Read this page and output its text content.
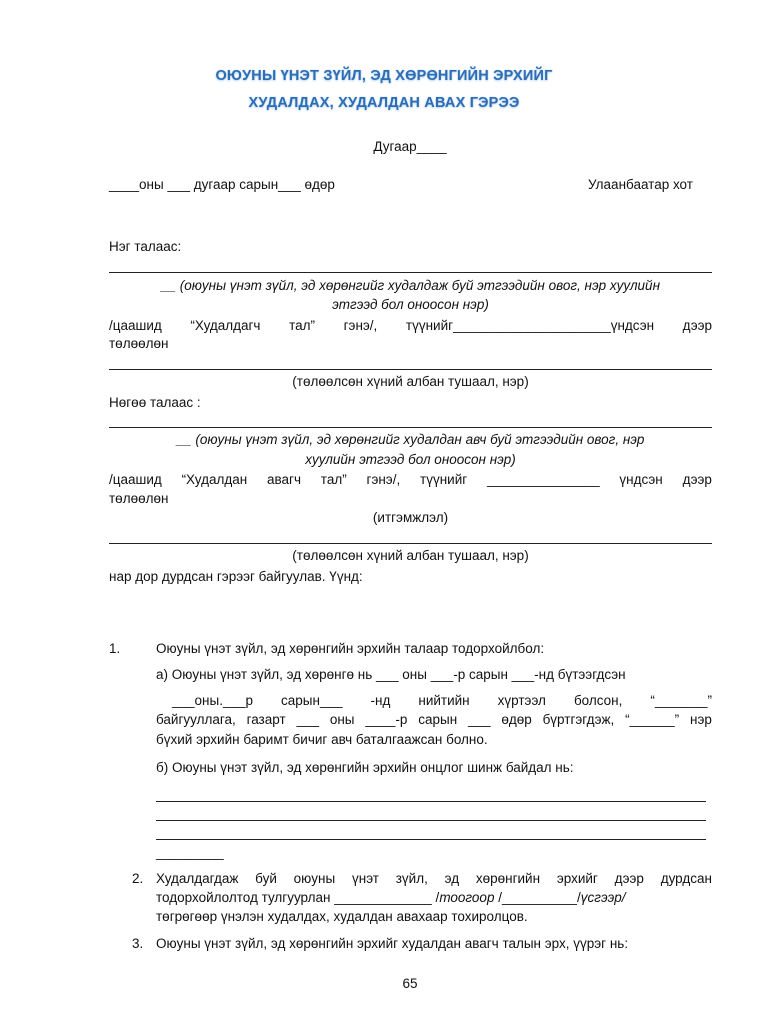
ОЮУНЫ ҮНЭТ ЗҮЙЛ, ЭД ХӨРӨНГИЙН ЭРХИЙГ
ХУДАЛДАХ, ХУДАЛДАН АВАХ ГЭРЭЭ
Дугаар____
____оны ___ дугаар сарын___ өдөр	Улаанбаатар хот
Нэг талаас:
__ (оюуны үнэт зүйл, эд хөрөнгийг худалдаж буй этгээдийн овог, нэр хуулийн
этгээд бол оноосон нэр)
/цаашид “Худалдагч тал” гэнэ/, түүнийг_____________________үндсэн дээр
төлөөлөн
(төлөөлсөн хүний албан тушаал, нэр)
Нөгөө талаас :
__ (оюуны үнэт зүйл, эд хөрөнгийг худалдан авч буй этгээдийн овог, нэр
хуулийн этгээд бол оноосон нэр)
/цаашид “Худалдан авагч тал” гэнэ/, түүнийг _______________ үндсэн дээр
төлөөлөн
(итгэмжлэл)
(төлөөлсөн хүний албан тушаал, нэр)
нар дор дурдсан гэрээг байгуулав. Үүнд:
1.	Оюуны үнэт зүйл, эд хөрөнгийн эрхийн талаар тодорхойлбол:
а) Оюуны үнэт зүйл, эд хөрөнгө нь ___ оны ___-р сарын ___-нд бүтээгдсэн
___оны.___р сарын___ -нд нийтийн хүртээл болсон, “_______”
байгууллага, газарт ___ оны ____-р сарын ___ өдөр бүртгэгдэж, “______” нэр
бүхий эрхийн баримт бичиг авч баталгаажсан болно.
б) Оюуны үнэт зүйл, эд хөрөнгийн эрхийн онцлог шинж байдал нь:
_________
2. Худалдагдаж буй оюуны үнэт зүйл, эд хөрөнгийн эрхийг дээр дурдсан
тодорхойлолтод тулгуурлан _____________ /тоогоор /__________/үсгээр/
төгрөгөөр үнэлэн худалдах, худалдан авахаар тохиролцов.
3. Оюуны үнэт зүйл, эд хөрөнгийн эрхийг худалдан авагч талын эрх, үүрэг нь:
65
